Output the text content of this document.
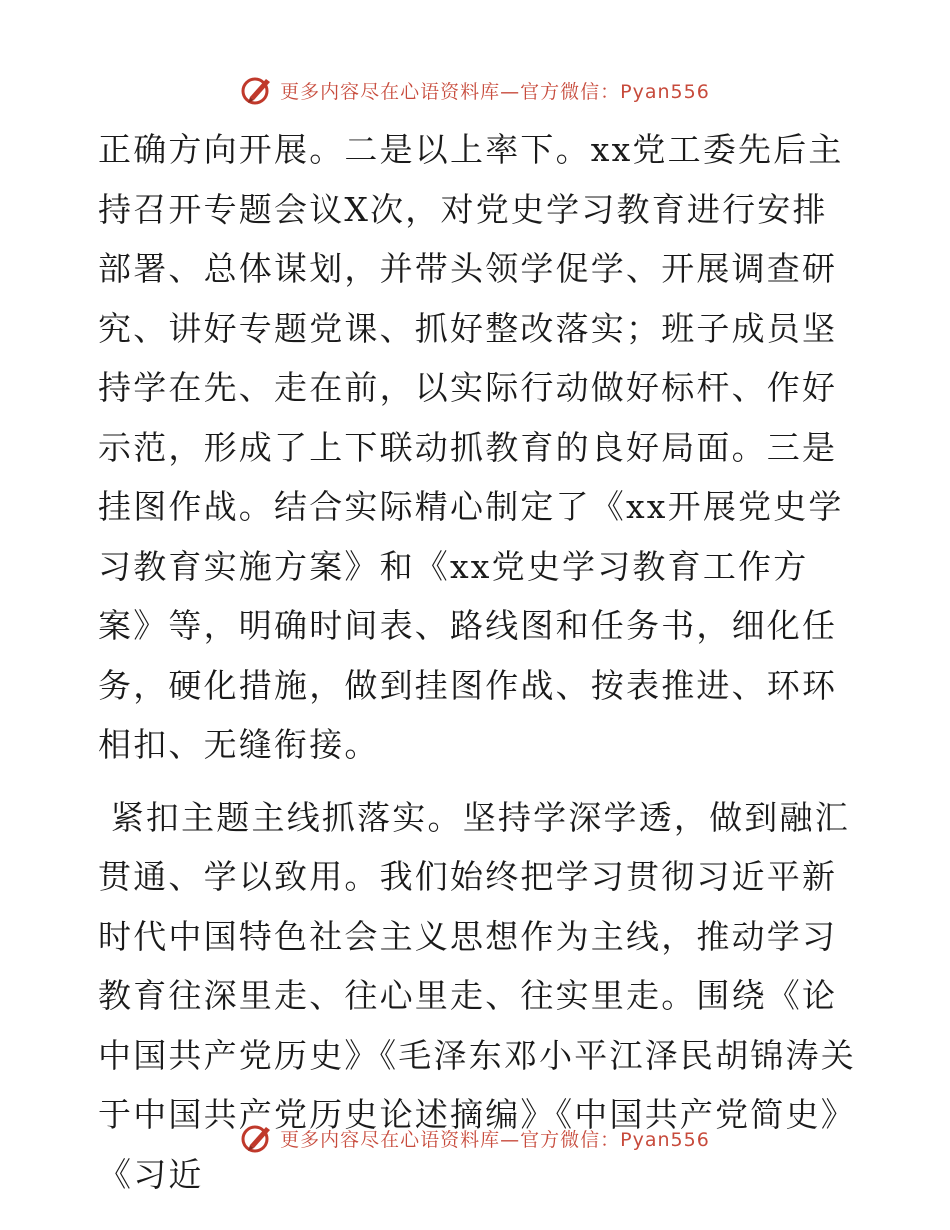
更多内容尽在心语资料库—官方微信：Pyan556

正确方向开展。二是以上率下。xx党工委先后主持召开专题会议X次，对党史学习教育进行安排部署、总体谋划，并带头领学促学、开展调查研究、讲好专题党课、抓好整改落实；班子成员坚持学在先、走在前，以实际行动做好标杆、作好示范，形成了上下联动抓教育的良好局面。三是挂图作战。结合实际精心制定了《xx开展党史学习教育实施方案》和《xx党史学习教育工作方案》等，明确时间表、路线图和任务书，细化任务，硬化措施，做到挂图作战、按表推进、环环相扣、无缝衔接。

紧扣主题主线抓落实。坚持学深学透，做到融汇贯通、学以致用。我们始终把学习贯彻习近平新时代中国特色社会主义思想作为主线，推动学习教育往深里走、往心里走、往实里走。围绕《论中国共产党历史》《毛泽东邓小平江泽民胡锦涛关于中国共产党历史论述摘编》《中国共产党简史》《习近

更多内容尽在心语资料库—官方微信：Pyan556
